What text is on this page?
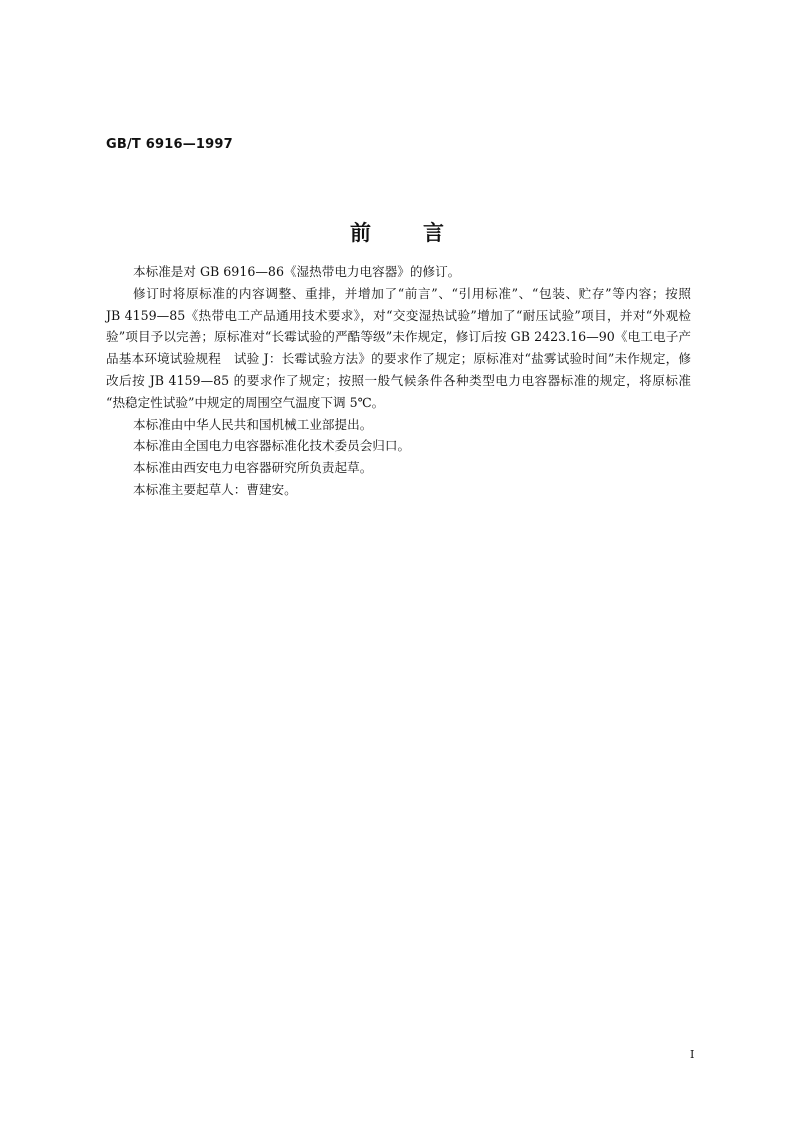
GB/T 6916—1997
前 言

本标准是对 GB 6916—86《湿热带电力电容器》的修订。

修订时将原标准的内容调整、重排，并增加了“前言”、“引用标准”、“包装、贮存”等内容；按照
JB 4159—85《热带电工产品通用技术要求》，对“交变湿热试验”增加了“耐压试验”项目，并对“外观检
验”项目予以完善；原标准对“长霉试验的严酷等级”未作规定，修订后按 GB 2423.16—90《电工电子产
品基本环境试验规程　试验 J：长霉试验方法》的要求作了规定；原标准对“盐雾试验时间”未作规定，修
改后按 JB 4159—85 的要求作了规定；按照一般气候条件各种类型电力电容器标准的规定，将原标准
“热稳定性试验”中规定的周围空气温度下调 5℃。

本标准由中华人民共和国机械工业部提出。

本标准由全国电力电容器标准化技术委员会归口。

本标准由西安电力电容器研究所负责起草。

本标准主要起草人：曹建安。

I
